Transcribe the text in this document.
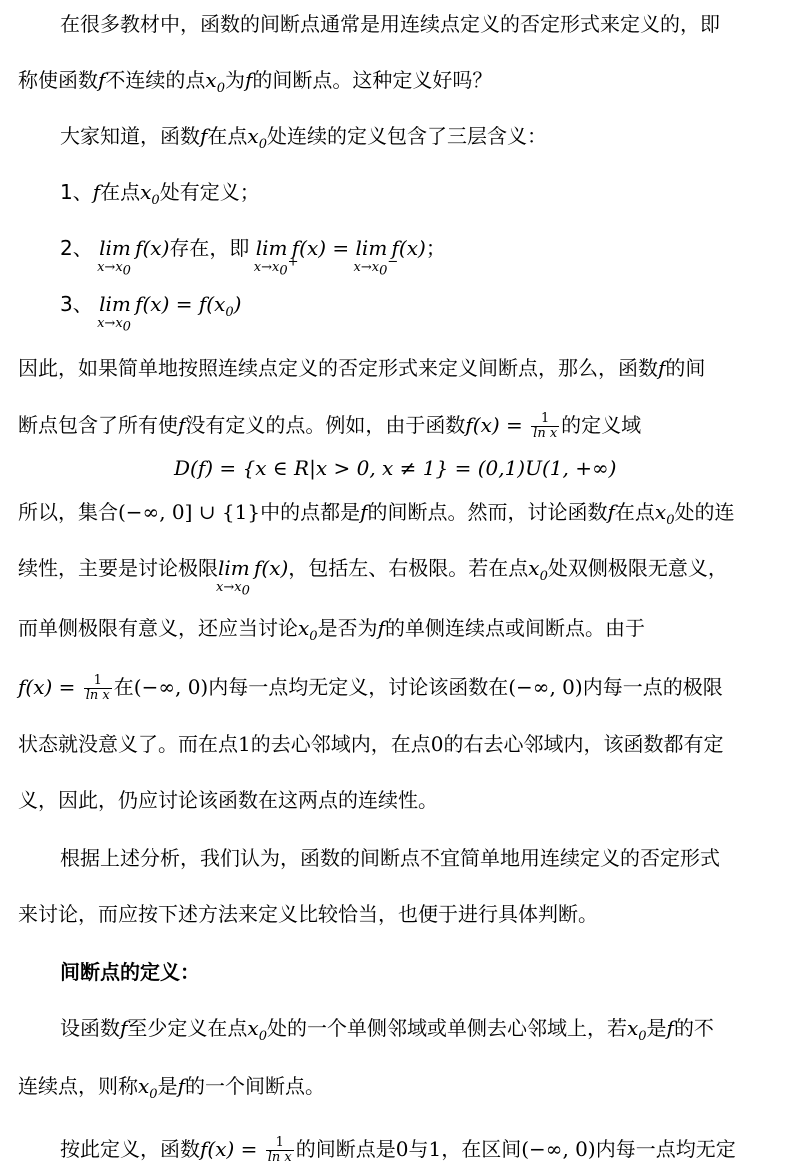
在很多教材中，函数的间断点通常是用连续点定义的否定形式来定义的，即
称使函数f不连续的点$x_0$为f的间断点。这种定义好吗？
大家知道，函数f在点$x_0$处连续的定义包含了三层含义：
1、f在点$x_0$处有定义；
2、 lim
$x\to x_0$
f(x)存在，即 lim
$x\to x_0^+$
f(x) = lim
$x\to x_0^-$
f(x)；
3、 lim
$x\to x_0$
$f(x) = f(x_0)$
因此，如果简单地按照连续点定义的否定形式来定义间断点，那么，函数f的间
断点包含了所有使f没有定义的点。例如，由于函数$f(x) = \frac{1}{\text{ln x}}$ 的定义域
D(f) = {x ∈ R|x > 0, x ≠ 1} = (0,1)U(1, +∞)
所以，集合(−∞, 0] ∪ {1}中的点都是f的间断点。然而，讨论函数f在点$x_0$处的连
续性，主要是讨论极限lim
$x\to x_0$
f(x)，包括左、右极限。若在点$x_0$处双侧极限无意义，
而单侧极限有意义，还应当讨论$x_0$是否为f的单侧连续点或间断点。由于
$f(x) = \frac{1}{\text{ln x}}$ 在(−∞, 0)内每一点均无定义，讨论该函数在(−∞, 0)内每一点的极限
状态就没意义了。而在点1的去心邻域内，在点0的右去心邻域内，该函数都有定
义，因此，仍应讨论该函数在这两点的连续性。
根据上述分析，我们认为，函数的间断点不宜简单地用连续定义的否定形式
来讨论，而应按下述方法来定义比较恰当，也便于进行具体判断。
间断点的定义：
设函数f至少定义在点$x_0$处的一个单侧邻域或单侧去心邻域上，若$x_0$是f的不
连续点，则称$x_0$是f的一个间断点。
按此定义，函数$f(x) = \frac{1}{\text{ln x}}$ 的间断点是0与1，在区间(−∞, 0)内每一点均无定
